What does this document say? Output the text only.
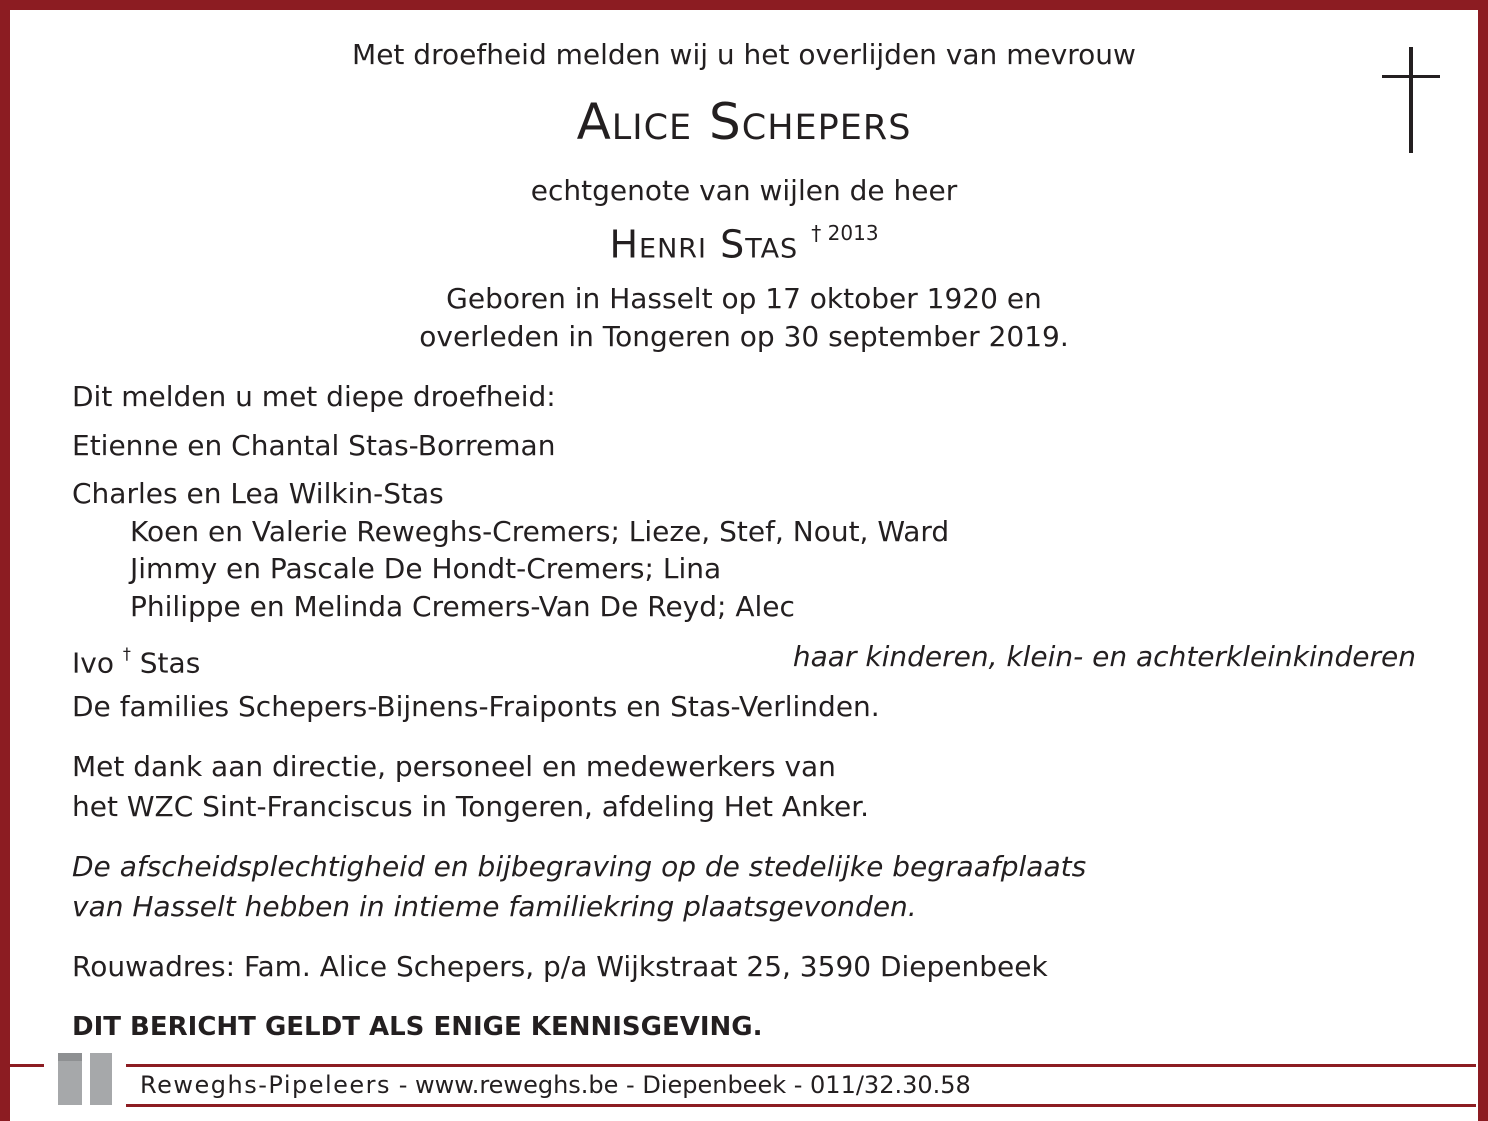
Met droefheid melden wij u het overlijden van mevrouw
Alice Schepers
echtgenote van wijlen de heer
Henri Stas $^{\dagger 2013}$
Geboren in Hasselt op 17 oktober 1920 en
overleden in Tongeren op 30 september 2019.
Dit melden u met diepe droefheid:
Etienne en Chantal Stas-Borreman
Charles en Lea Wilkin-Stas
Koen en Valerie Reweghs-Cremers; Lieze, Stef, Nout, Ward
Jimmy en Pascale De Hondt-Cremers; Lina
Philippe en Melinda Cremers-Van De Reyd; Alec
Ivo † Stas	haar kinderen, klein- en achterkleinkinderen
De families Schepers-Bijnens-Fraiponts en Stas-Verlinden.
Met dank aan directie, personeel en medewerkers van
het WZC Sint-Franciscus in Tongeren, afdeling Het Anker.
De afscheidsplechtigheid en bijbegraving op de stedelijke begraafplaats
van Hasselt hebben in intieme familiekring plaatsgevonden.
Rouwadres: Fam. Alice Schepers, p/a Wijkstraat 25, 3590 Diepenbeek
DIT BERICHT GELDT ALS ENIGE KENNISGEVING.
Reweghs-Pipeleers - www.reweghs.be - Diepenbeek - 011/32.30.58
